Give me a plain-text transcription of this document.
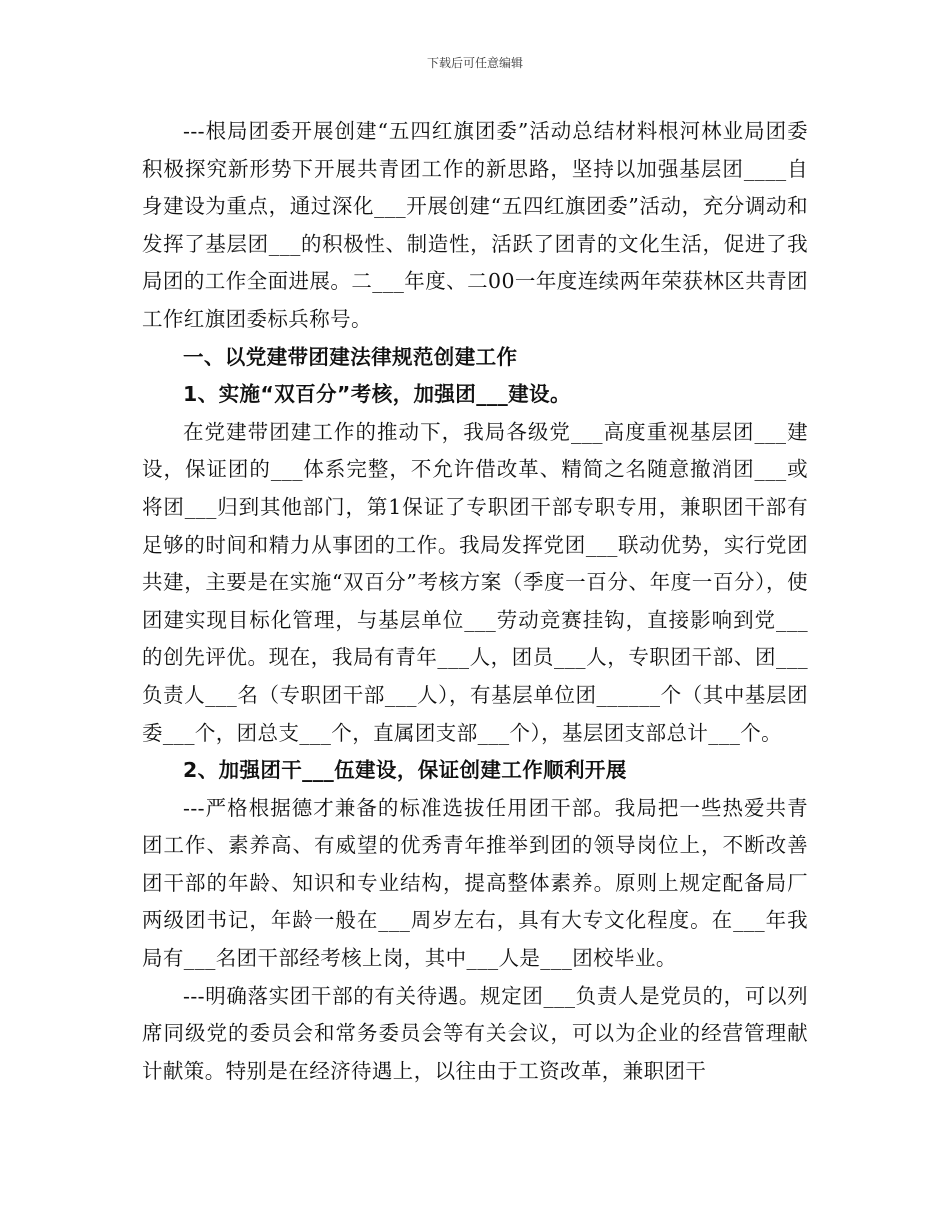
下载后可任意编辑

---根局团委开展创建“五四红旗团委”活动总结材料根河林业局团委积极探究新形势下开展共青团工作的新思路，坚持以加强基层团____自身建设为重点，通过深化___开展创建“五四红旗团委”活动，充分调动和发挥了基层团___的积极性、制造性，活跃了团青的文化生活，促进了我局团的工作全面进展。二___年度、二00一年度连续两年荣获林区共青团工作红旗团委标兵称号。

一、以党建带团建法律规范创建工作

1、实施“双百分”考核，加强团___建设。

在党建带团建工作的推动下，我局各级党___高度重视基层团___建设，保证团的___体系完整，不允许借改革、精简之名随意撤消团___或将团___归到其他部门，第1保证了专职团干部专职专用，兼职团干部有足够的时间和精力从事团的工作。我局发挥党团___联动优势，实行党团共建，主要是在实施“双百分”考核方案（季度一百分、年度一百分），使团建实现目标化管理，与基层单位___劳动竞赛挂钩，直接影响到党___的创先评优。现在，我局有青年___人，团员___人，专职团干部、团___负责人___名（专职团干部___人），有基层单位团______个（其中基层团委___个，团总支___个，直属团支部___个），基层团支部总计___个。

2、加强团干___伍建设，保证创建工作顺利开展

---严格根据德才兼备的标准选拔任用团干部。我局把一些热爱共青团工作、素养高、有威望的优秀青年推举到团的领导岗位上，不断改善团干部的年龄、知识和专业结构，提高整体素养。原则上规定配备局厂两级团书记，年龄一般在___周岁左右，具有大专文化程度。在___年我局有___名团干部经考核上岗，其中___人是___团校毕业。

---明确落实团干部的有关待遇。规定团___负责人是党员的，可以列席同级党的委员会和常务委员会等有关会议，可以为企业的经营管理献计献策。特别是在经济待遇上，以往由于工资改革，兼职团干
